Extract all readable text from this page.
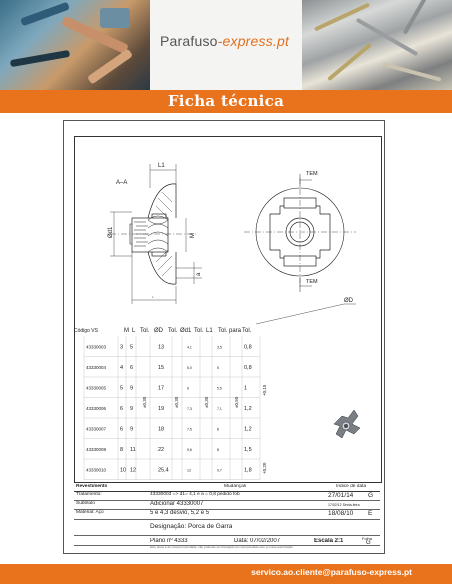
Parafuso-express.pt
Ficha técnica
A–A
L1
Ød1	M
a
L
TEM
TEM
ØD
Código VS	M L Tol. ØD Tol. Ød1 Tol. L1 Tol. para Tol.
43330003	3 5	13	4,1	3,5	0,8
43330004	4 6	15	5,0	5	0,8
43330005	5 9	17	6	5,5	1
43330006	6 9	19	7,3	7,1	1,2
43330007	6 9	18	7,5	8	1,2
43330008	8 11	22	9,6	8	1,5
43330010	10 12	25,4	12	9,7	1,8
±0,30	±0,30	±0,30	±0,50
+0,15
+0,20
Revestimento	Mudanças	Índice de data
Tratamento:	43330003 => d1= 4,1 e a = 0,8 pedido fob	27/01/14 G
Subtítulo	Adicionar 43330007	17/02/12 Sexta-feira
Material: Aço	5 e 4,3 desvio, 5,2 e 5	18/08/10 E
Designação: Porca de Garra
Plano nº 4333	Data: 07/02/2007	Escala 2:1	Folha
G
Este plano é de nossa propriedade, não podendo ser divulgado ao impropriedade sem a nossa autorização.
servico.ao.cliente@parafuso-express.pt
